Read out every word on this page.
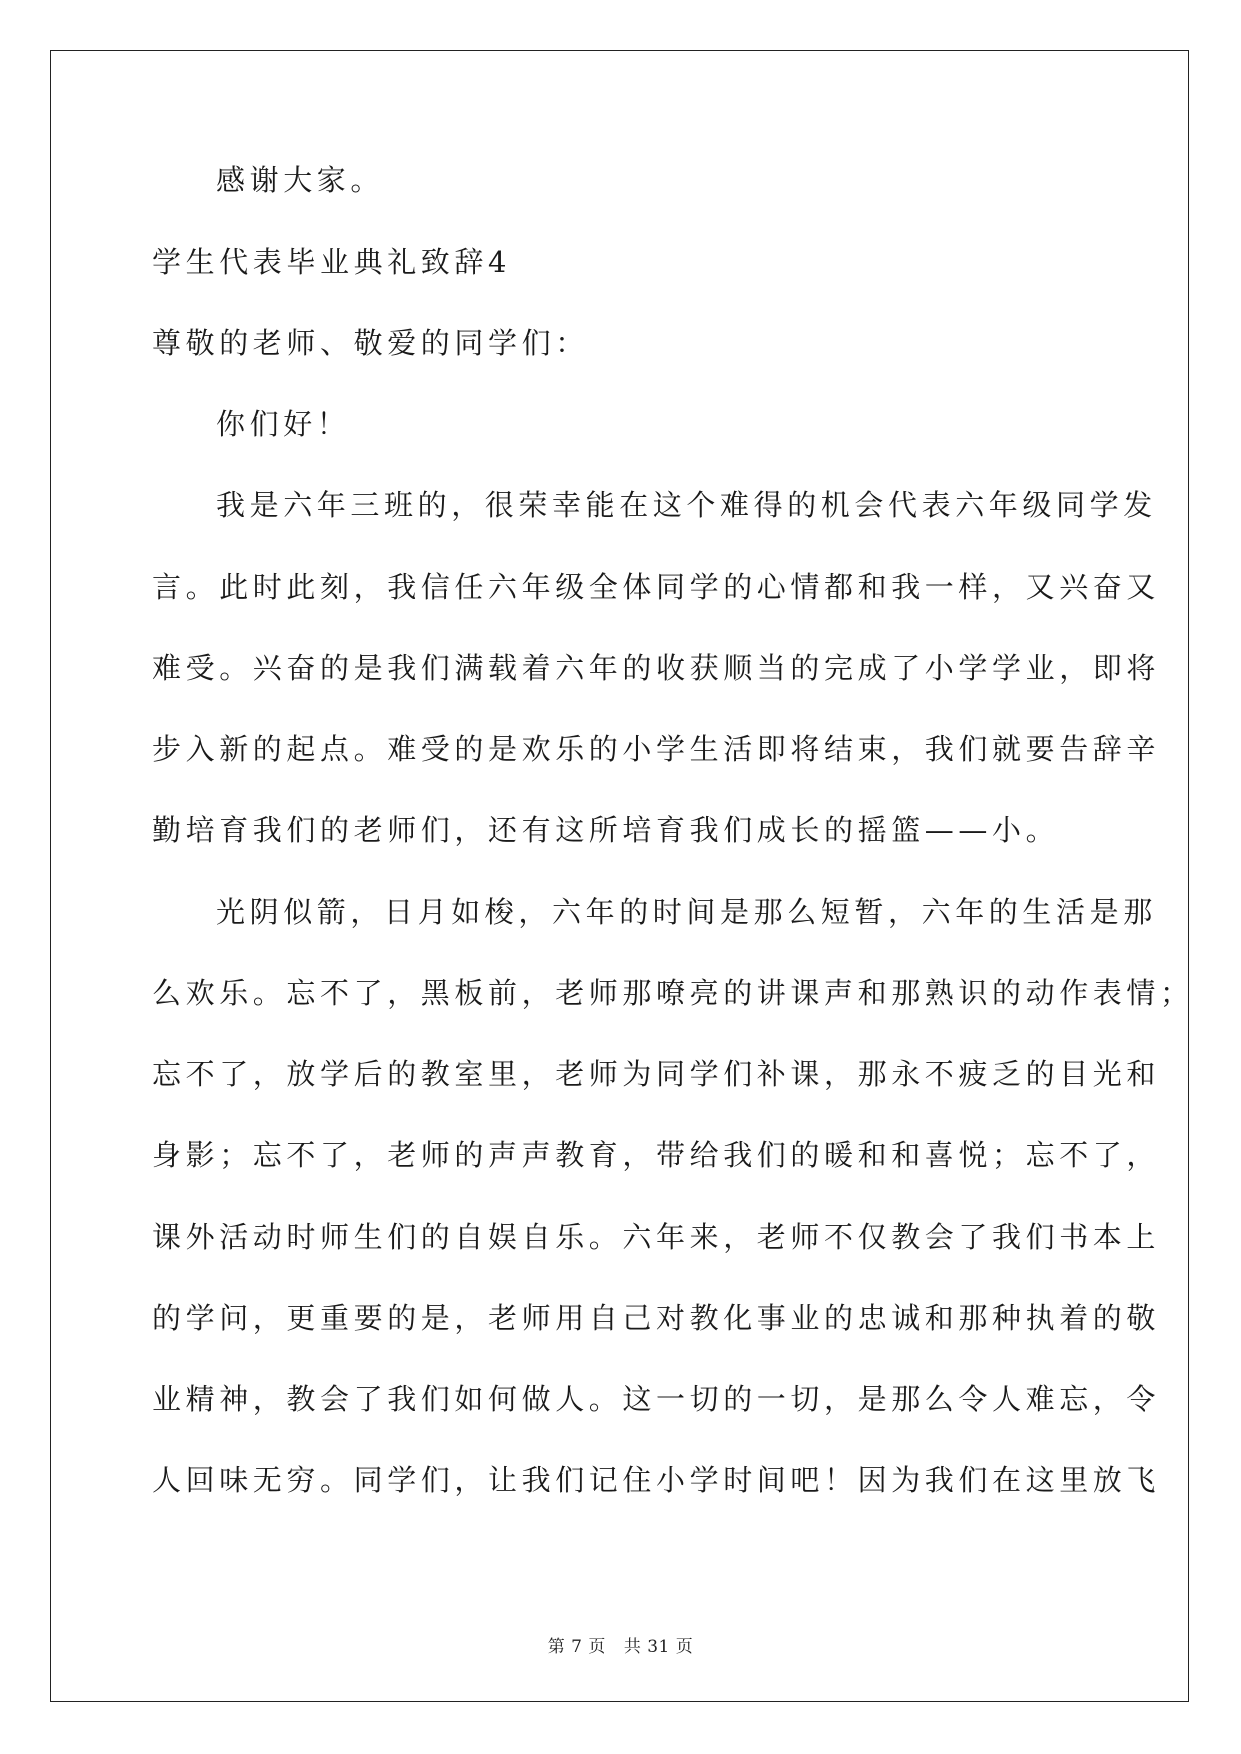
感谢大家。
学生代表毕业典礼致辞4
尊敬的老师、敬爱的同学们：
你们好！
我是六年三班的，很荣幸能在这个难得的机会代表六年级同学发
言。此时此刻，我信任六年级全体同学的心情都和我一样，又兴奋又
难受。兴奋的是我们满载着六年的收获顺当的完成了小学学业，即将
步入新的起点。难受的是欢乐的小学生活即将结束，我们就要告辞辛
勤培育我们的老师们，还有这所培育我们成长的摇篮——小。
光阴似箭，日月如梭，六年的时间是那么短暂，六年的生活是那
么欢乐。忘不了，黑板前，老师那嘹亮的讲课声和那熟识的动作表情；
忘不了，放学后的教室里，老师为同学们补课，那永不疲乏的目光和
身影；忘不了，老师的声声教育，带给我们的暖和和喜悦；忘不了，
课外活动时师生们的自娱自乐。六年来，老师不仅教会了我们书本上
的学问，更重要的是，老师用自己对教化事业的忠诚和那种执着的敬
业精神，教会了我们如何做人。这一切的一切，是那么令人难忘，令
人回味无穷。同学们，让我们记住小学时间吧！因为我们在这里放飞
第 7 页 共 31 页
